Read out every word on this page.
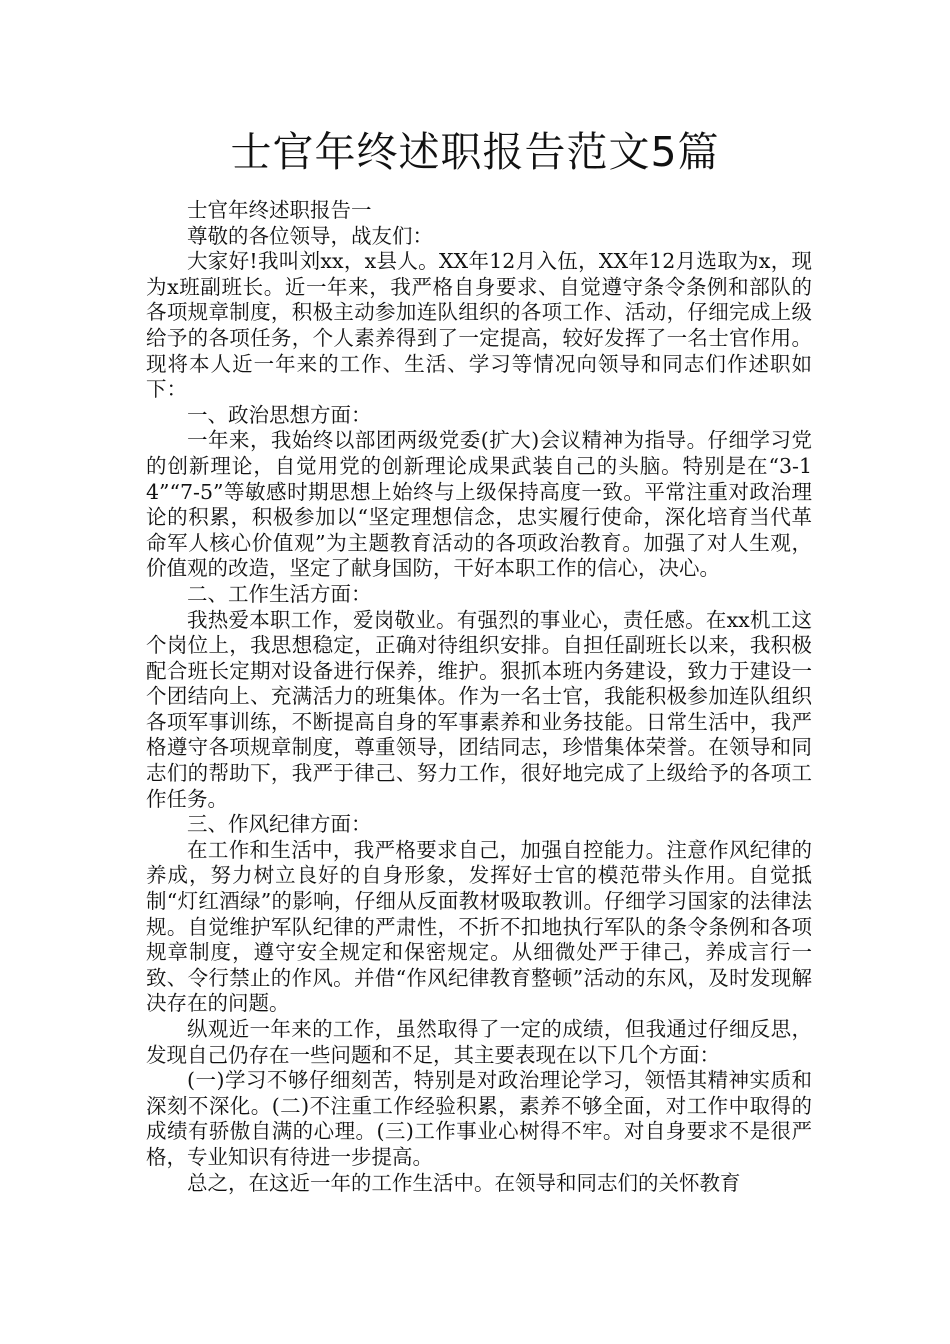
士官年终述职报告范文5篇

士官年终述职报告一

尊敬的各位领导，战友们：

大家好!我叫刘xx，x县人。XX年12月入伍，XX年12月选取为x，现为x班副班长。近一年来，我严格自身要求、自觉遵守条令条例和部队的各项规章制度，积极主动参加连队组织的各项工作、活动，仔细完成上级给予的各项任务，个人素养得到了一定提高，较好发挥了一名士官作用。现将本人近一年来的工作、生活、学习等情况向领导和同志们作述职如下：

一、政治思想方面：

一年来，我始终以部团两级党委(扩大)会议精神为指导。仔细学习党的创新理论，自觉用党的创新理论成果武装自己的头脑。特别是在“3-14”“7-5”等敏感时期思想上始终与上级保持高度一致。平常注重对政治理论的积累，积极参加以“坚定理想信念，忠实履行使命，深化培育当代革命军人核心价值观”为主题教育活动的各项政治教育。加强了对人生观，价值观的改造，坚定了献身国防，干好本职工作的信心，决心。

二、工作生活方面：

我热爱本职工作，爱岗敬业。有强烈的事业心，责任感。在xx机工这个岗位上，我思想稳定，正确对待组织安排。自担任副班长以来，我积极配合班长定期对设备进行保养，维护。狠抓本班内务建设，致力于建设一个团结向上、充满活力的班集体。作为一名士官，我能积极参加连队组织各项军事训练，不断提高自身的军事素养和业务技能。日常生活中，我严格遵守各项规章制度，尊重领导，团结同志，珍惜集体荣誉。在领导和同志们的帮助下，我严于律己、努力工作，很好地完成了上级给予的各项工作任务。

三、作风纪律方面：

在工作和生活中，我严格要求自己，加强自控能力。注意作风纪律的养成，努力树立良好的自身形象，发挥好士官的模范带头作用。自觉抵制“灯红酒绿”的影响，仔细从反面教材吸取教训。仔细学习国家的法律法规。自觉维护军队纪律的严肃性，不折不扣地执行军队的条令条例和各项规章制度，遵守安全规定和保密规定。从细微处严于律己，养成言行一致、令行禁止的作风。并借“作风纪律教育整顿”活动的东风，及时发现解决存在的问题。

纵观近一年来的工作，虽然取得了一定的成绩，但我通过仔细反思，发现自己仍存在一些问题和不足，其主要表现在以下几个方面：

(一)学习不够仔细刻苦，特别是对政治理论学习，领悟其精神实质和深刻不深化。(二)不注重工作经验积累，素养不够全面，对工作中取得的成绩有骄傲自满的心理。(三)工作事业心树得不牢。对自身要求不是很严格，专业知识有待进一步提高。

总之，在这近一年的工作生活中。在领导和同志们的关怀教育
